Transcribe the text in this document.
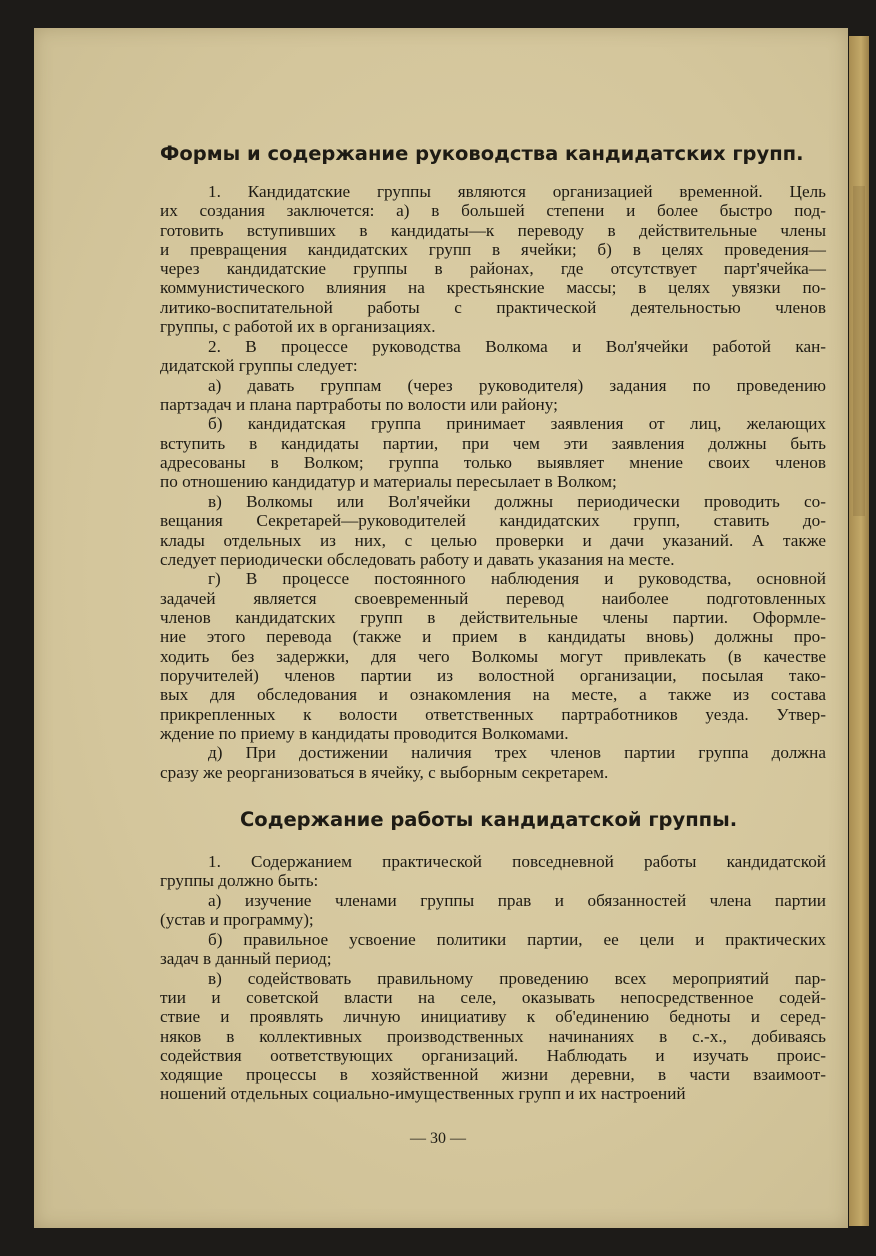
Формы и содержание руководства кандидатских групп.
1. Кандидатские группы являются организацией временной. Цель
их создания заключется: а) в большей степени и более быстро под-
готовить вступивших в кандидаты—к переводу в действительные члены
и превращения кандидатских групп в ячейки; б) в целях проведения—
через кандидатские группы в районах, где отсутствует парт'ячейка—
коммунистического влияния на крестьянские массы; в целях увязки по-
литико-воспитательной работы с практической деятельностью членов
группы, с работой их в организациях.
2. В процессе руководства Волкома и Вол'ячейки работой кан-
дидатской группы следует:
а) давать группам (через руководителя) задания по проведению
партзадач и плана партработы по волости или району;
б) кандидатская группа принимает заявления от лиц, желающих
вступить в кандидаты партии, при чем эти заявления должны быть
адресованы в Волком; группа только выявляет мнение своих членов
по отношению кандидатур и материалы пересылает в Волком;
в) Волкомы или Вол'ячейки должны периодически проводить со-
вещания Секретарей—руководителей кандидатских групп, ставить до-
клады отдельных из них, с целью проверки и дачи указаний. А также
следует периодически обследовать работу и давать указания на месте.
г) В процессе постоянного наблюдения и руководства, основной
задачей является своевременный перевод наиболее подготовленных
членов кандидатских групп в действительные члены партии. Оформле-
ние этого перевода (также и прием в кандидаты вновь) должны про-
ходить без задержки, для чего Волкомы могут привлекать (в качестве
поручителей) членов партии из волостной организации, посылая тако-
вых для обследования и ознакомления на месте, а также из состава
прикрепленных к волости ответственных партработников уезда. Утвер-
ждение по приему в кандидаты проводится Волкомами.
д) При достижении наличия трех членов партии группа должна
сразу же реорганизоваться в ячейку, с выборным секретарем.
Содержание работы кандидатской группы.
1. Содержанием практической повседневной работы кандидатской
группы должно быть:
а) изучение членами группы прав и обязанностей члена партии
(устав и программу);
б) правильное усвоение политики партии, ее цели и практических
задач в данный период;
в) содействовать правильному проведению всех мероприятий пар-
тии и советской власти на селе, оказывать непосредственное содей-
ствие и проявлять личную инициативу к об'единению бедноты и серед-
няков в коллективных производственных начинаниях в с.-х., добиваясь
содействия оответствующих организаций. Наблюдать и изучать проис-
ходящие процессы в хозяйственной жизни деревни, в части взаимоот-
ношений отдельных социально-имущественных групп и их настроений
— 30 —
